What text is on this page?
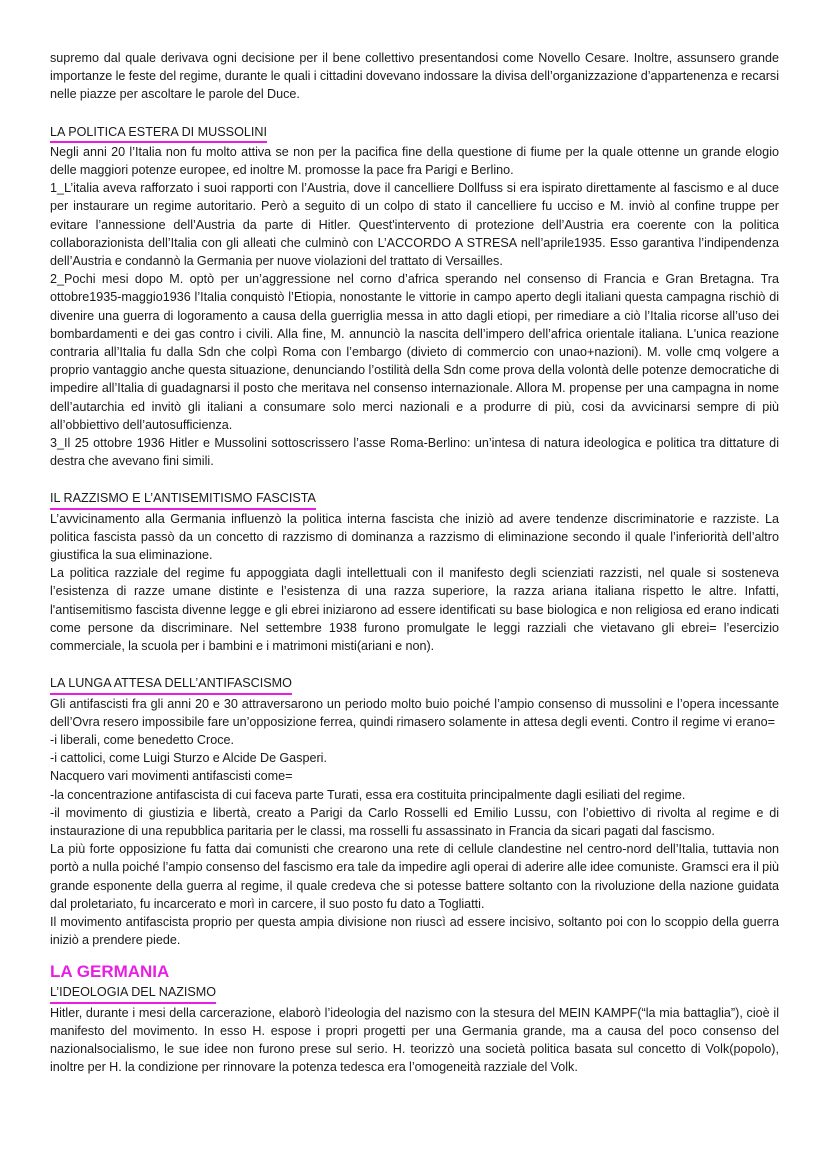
supremo dal quale derivava ogni decisione per il bene collettivo presentandosi come Novello Cesare. Inoltre, assunsero grande importanze le feste del regime, durante le quali i cittadini dovevano indossare la divisa dell’organizzazione d’appartenenza e recarsi nelle piazze per ascoltare le parole del Duce.

LA POLITICA ESTERA DI MUSSOLINI

Negli anni 20 l’Italia non fu molto attiva se non per la pacifica fine della questione di fiume per la quale ottenne un grande elogio delle maggiori potenze europee, ed inoltre M. promosse la pace fra Parigi e Berlino.

1_L’italia aveva rafforzato i suoi rapporti con l’Austria, dove il cancelliere Dollfuss si era ispirato direttamente al fascismo e al duce per instaurare un regime autoritario. Però a seguito di un colpo di stato il cancelliere fu ucciso e M. inviò al confine truppe per evitare l’annessione dell’Austria da parte di Hitler. Quest'intervento di protezione dell’Austria era coerente con la politica collaborazionista dell’Italia con gli alleati che culminò con L’ACCORDO A STRESA nell’aprile1935. Esso garantiva l’indipendenza dell’Austria e condannò la Germania per nuove violazioni del trattato di Versailles.

2_Pochi mesi dopo M. optò per un’aggressione nel corno d’africa sperando nel consenso di Francia e Gran Bretagna. Tra ottobre1935-maggio1936 l’Italia conquistò l’Etiopia, nonostante le vittorie in campo aperto degli italiani questa campagna rischiò di divenire una guerra di logoramento a causa della guerriglia messa in atto dagli etiopi, per rimediare a ciò l’Italia ricorse all’uso dei bombardamenti e dei gas contro i civili. Alla fine, M. annunciò la nascita dell’impero dell’africa orientale italiana. L'unica reazione contraria all’Italia fu dalla Sdn che colpì Roma con l’embargo (divieto di commercio con unao+nazioni). M. volle cmq volgere a proprio vantaggio anche questa situazione, denunciando l’ostilità della Sdn come prova della volontà delle potenze democratiche di impedire all’Italia di guadagnarsi il posto che meritava nel consenso internazionale. Allora M. propense per una campagna in nome dell’autarchia ed invitò gli italiani a consumare solo merci nazionali e a produrre di più, cosi da avvicinarsi sempre di più all’obbiettivo dell’autosufficienza.

3_Il 25 ottobre 1936 Hitler e Mussolini sottoscrissero l’asse Roma-Berlino: un’intesa di natura ideologica e politica tra dittature di destra che avevano fini simili.

IL RAZZISMO E L’ANTISEMITISMO FASCISTA

L’avvicinamento alla Germania influenzò la politica interna fascista che iniziò ad avere tendenze discriminatorie e razziste. La politica fascista passò da un concetto di razzismo di dominanza a razzismo di eliminazione secondo il quale l’inferiorità dell’altro giustifica la sua eliminazione.

La politica razziale del regime fu appoggiata dagli intellettuali con il manifesto degli scienziati razzisti, nel quale si sosteneva l’esistenza di razze umane distinte e l’esistenza di una razza superiore, la razza ariana italiana rispetto le altre. Infatti, l'antisemitismo fascista divenne legge e gli ebrei iniziarono ad essere identificati su base biologica e non religiosa ed erano indicati come persone da discriminare. Nel settembre 1938 furono promulgate le leggi razziali che vietavano gli ebrei= l’esercizio commerciale, la scuola per i bambini e i matrimoni misti(ariani e non).

LA LUNGA ATTESA DELL’ANTIFASCISMO

Gli antifascisti fra gli anni 20 e 30 attraversarono un periodo molto buio poiché l’ampio consenso di mussolini e l’opera incessante dell’Ovra resero impossibile fare un’opposizione ferrea, quindi rimasero solamente in attesa degli eventi. Contro il regime vi erano=

-i liberali, come benedetto Croce.

-i cattolici, come Luigi Sturzo e Alcide De Gasperi.

Nacquero vari movimenti antifascisti come=

-la concentrazione antifascista di cui faceva parte Turati, essa era costituita principalmente dagli esiliati del regime.

-il movimento di giustizia e libertà, creato a Parigi da Carlo Rosselli ed Emilio Lussu, con l’obiettivo di rivolta al regime e di instaurazione di una repubblica paritaria per le classi, ma rosselli fu assassinato in Francia da sicari pagati dal fascismo.

La più forte opposizione fu fatta dai comunisti che crearono una rete di cellule clandestine nel centro-nord dell’Italia, tuttavia non portò a nulla poiché l’ampio consenso del fascismo era tale da impedire agli operai di aderire alle idee comuniste. Gramsci era il più grande esponente della guerra al regime, il quale credeva che si potesse battere soltanto con la rivoluzione della nazione guidata dal proletariato, fu incarcerato e morì in carcere, il suo posto fu dato a Togliatti.

Il movimento antifascista proprio per questa ampia divisione non riuscì ad essere incisivo, soltanto poi con lo scoppio della guerra iniziò a prendere piede.

LA GERMANIA
L’IDEOLOGIA DEL NAZISMO

Hitler, durante i mesi della carcerazione, elaborò l’ideologia del nazismo con la stesura del MEIN KAMPF(“la mia battaglia”), cioè il manifesto del movimento. In esso H. espose i propri progetti per una Germania grande, ma a causa del poco consenso del nazionalsocialismo, le sue idee non furono prese sul serio. H. teorizzò una società politica basata sul concetto di Volk(popolo), inoltre per H. la condizione per rinnovare la potenza tedesca era l’omogeneità razziale del Volk.
